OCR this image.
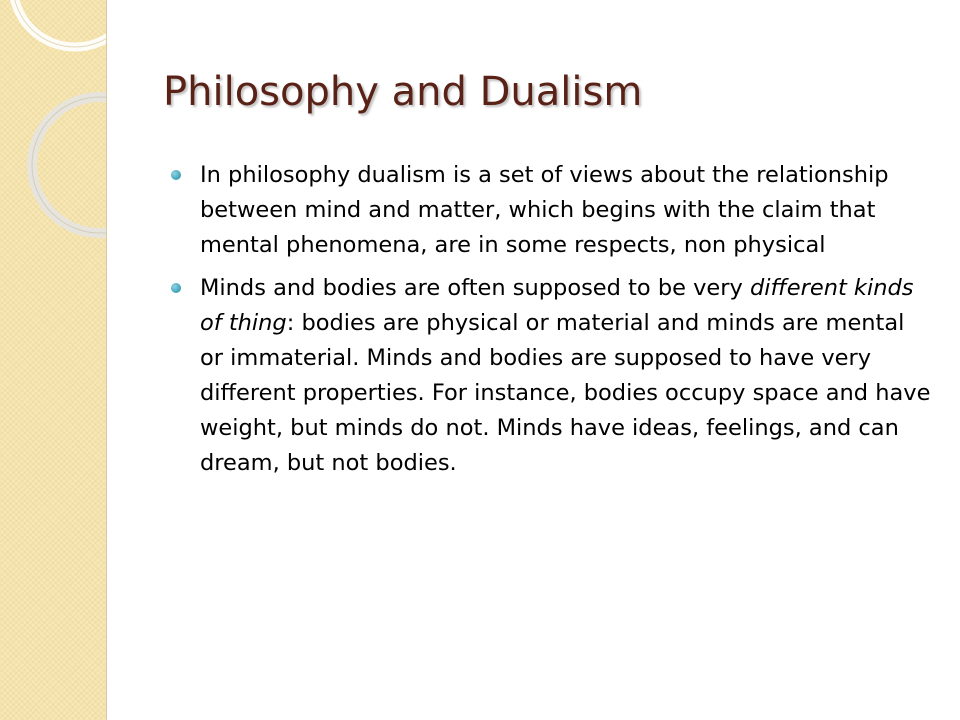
Philosophy and Dualism
In philosophy dualism is a set of views about the relationship between mind and matter, which begins with the claim that mental phenomena, are in some respects, non physical
Minds and bodies are often supposed to be very different kinds of thing: bodies are physical or material and minds are mental or immaterial. Minds and bodies are supposed to have very different properties. For instance, bodies occupy space and have weight, but minds do not. Minds have ideas, feelings, and can dream, but not bodies.
